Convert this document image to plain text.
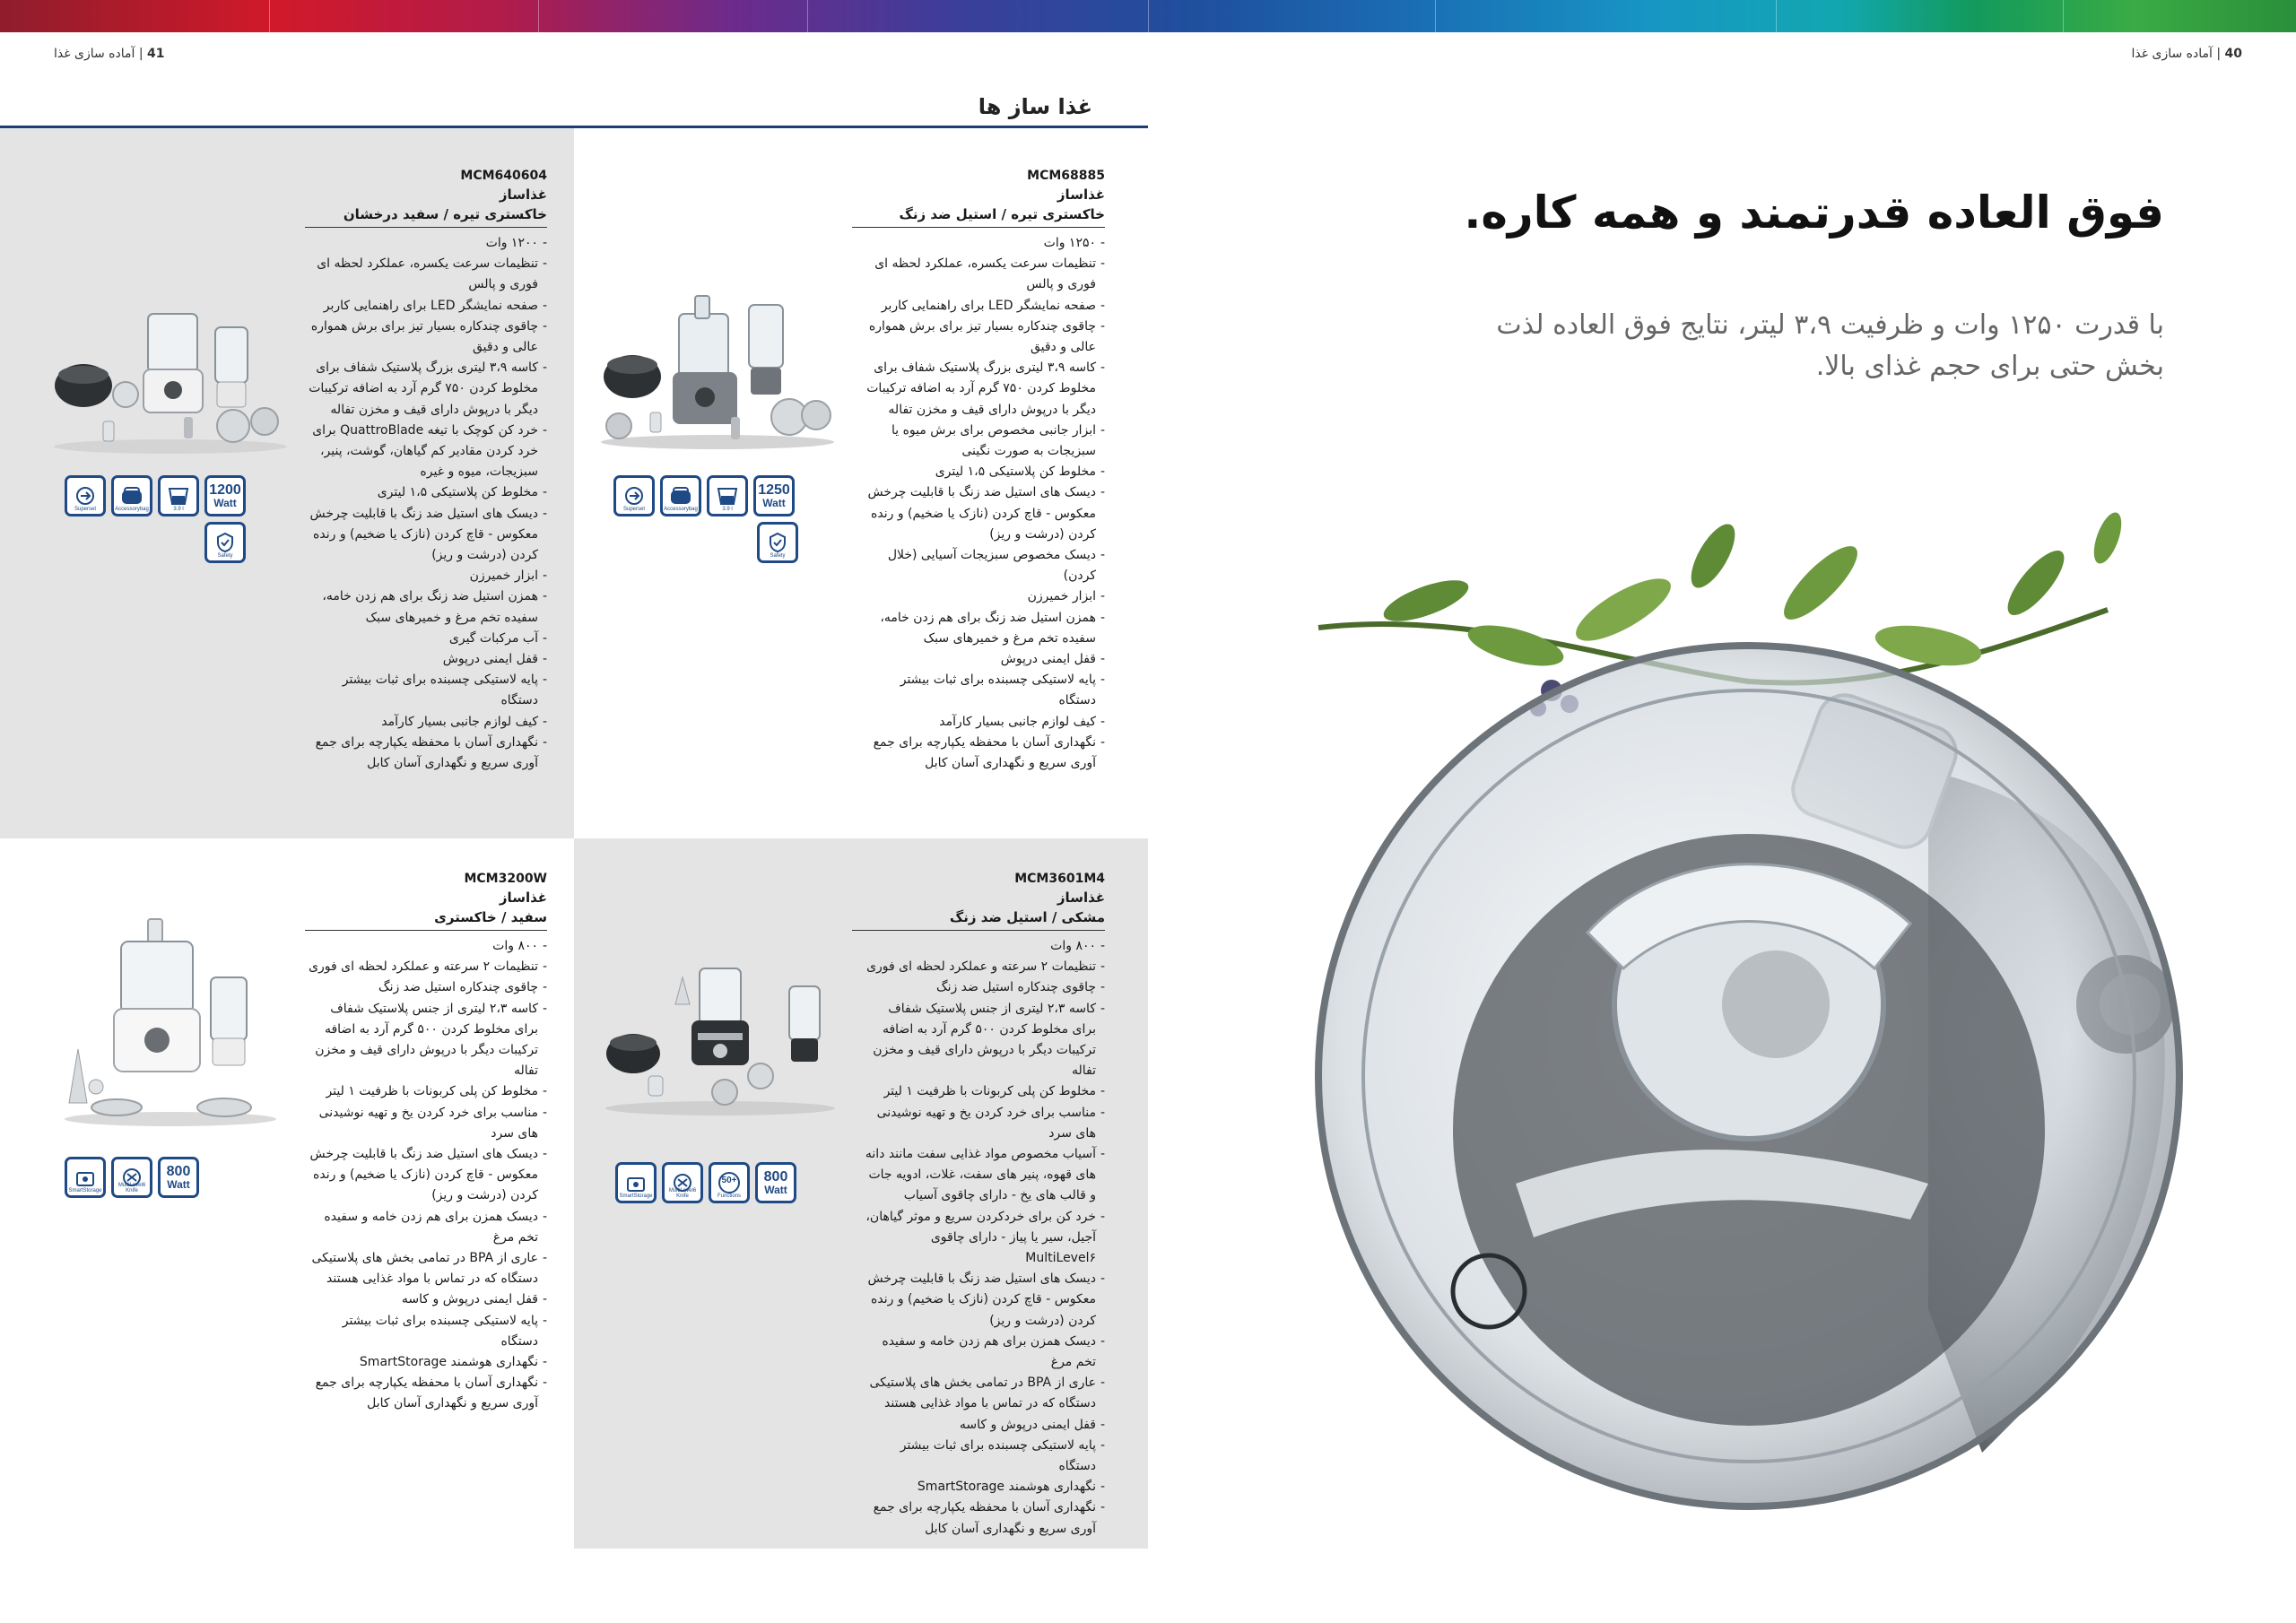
41 | آماده سازی غذا	40 | آماده سازی غذا
غذا ساز ها
MCM68885
غذاساز
خاکستری تیره / استیل ضد زنگ
- ۱۲۵۰ وات
- تنظیمات سرعت یکسره، عملکرد لحظه ای فوری و پالس
- صفحه نمایشگر LED برای راهنمایی کاربر
- چاقوی چندکاره بسیار تیز برای برش همواره عالی و دقیق
- کاسه ۳،۹ لیتری بزرگ پلاستیک شفاف برای مخلوط کردن ۷۵۰ گرم آرد به اضافه ترکیبات دیگر با درپوش دارای قیف و مخزن تفاله
- ابزار جانبی مخصوص برای برش میوه یا سبزیجات به صورت نگینی
- مخلوط کن پلاستیکی ۱،۵ لیتری
- دیسک های استیل ضد زنگ با قابلیت چرخش معکوس - قاچ کردن (نازک یا ضخیم) و رنده کردن (درشت و ریز)
- دیسک مخصوص سبزیجات آسیایی (خلال کردن)
- ابزار خمیرزن
- همزن استیل ضد زنگ برای هم زدن خامه، سفیده تخم مرغ و خمیرهای سبک
- قفل ایمنی درپوش
- پایه لاستیکی چسبنده برای ثبات بیشتر دستگاه
- کیف لوازم جانبی بسیار کارآمد
- نگهداری آسان با محفظه یکپارچه برای جمع آوری سریع و نگهداری آسان کابل
Superset	Accessorybag	3.9 l
1250
Watt
Safety
MCM640604
غذاساز
خاکستری تیره / سفید درخشان
- ۱۲۰۰ وات
- تنظیمات سرعت یکسره، عملکرد لحظه ای فوری و پالس
- صفحه نمایشگر LED برای راهنمایی کاربر
- چاقوی چندکاره بسیار تیز برای برش همواره عالی و دقیق
- کاسه ۳،۹ لیتری بزرگ پلاستیک شفاف برای مخلوط کردن ۷۵۰ گرم آرد به اضافه ترکیبات دیگر با درپوش دارای قیف و مخزن تفاله
- خرد کن کوچک با تیغه QuattroBlade برای خرد کردن مقادیر کم گیاهان، گوشت، پنیر، سبزیجات، میوه و غیره
- مخلوط کن پلاستیکی ۱،۵ لیتری
- دیسک های استیل ضد زنگ با قابلیت چرخش معکوس - قاچ کردن (نازک یا ضخیم) و رنده کردن (درشت و ریز)
- ابزار خمیرزن
- همزن استیل ضد زنگ برای هم زدن خامه، سفیده تخم مرغ و خمیرهای سبک
- آب مرکبات گیری
- قفل ایمنی درپوش
- پایه لاستیکی چسبنده برای ثبات بیشتر دستگاه
- کیف لوازم جانبی بسیار کارآمد
- نگهداری آسان با محفظه یکپارچه برای جمع آوری سریع و نگهداری آسان کابل
Superset	Accessorybag	3.9 l
1200
Watt
Safety
MCM3601M4
غذاساز
مشکی / استیل ضد زنگ
- ۸۰۰ وات
- تنظیمات ۲ سرعته و عملکرد لحظه ای فوری
- چاقوی چندکاره استیل ضد زنگ
- کاسه ۲،۳ لیتری از جنس پلاستیک شفاف برای مخلوط کردن ۵۰۰ گرم آرد به اضافه ترکیبات دیگر با درپوش دارای قیف و مخزن تفاله
- مخلوط کن پلی کربونات با ظرفیت ۱ لیتر
- مناسب برای خرد کردن یخ و تهیه نوشیدنی های سرد
- آسیاب مخصوص مواد غذایی سفت مانند دانه های قهوه، پنیر های سفت، غلات، ادویه جات و قالب های یخ - دارای چاقوی آسیاب
- خرد کن برای خردکردن سریع و موثر گیاهان، آجیل، سیر یا پیاز - دارای چاقوی MultiLevel۶
- دیسک های استیل ضد زنگ با قابلیت چرخش معکوس - قاچ کردن (نازک یا ضخیم) و رنده کردن (درشت و ریز)
- دیسک همزن برای هم زدن خامه و سفیده تخم مرغ
- عاری از BPA در تمامی بخش های پلاستیکی دستگاه که در تماس با مواد غذایی هستند
- قفل ایمنی درپوش و کاسه
- پایه لاستیکی چسبنده برای ثبات بیشتر دستگاه
- نگهداری هوشمند SmartStorage
- نگهداری آسان با محفظه یکپارچه برای جمع آوری سریع و نگهداری آسان کابل
SmartStorage
MultiLevel6 Knife
50+
Functions
800
Watt
MCM3200W
غذاساز
سفید / خاکستری
- ۸۰۰ وات
- تنظیمات ۲ سرعته و عملکرد لحظه ای فوری
- چاقوی چندکاره استیل ضد زنگ
- کاسه ۲،۳ لیتری از جنس پلاستیک شفاف برای مخلوط کردن ۵۰۰ گرم آرد به اضافه ترکیبات دیگر با درپوش دارای قیف و مخزن تفاله
- مخلوط کن پلی کربونات با ظرفیت ۱ لیتر
- مناسب برای خرد کردن یخ و تهیه نوشیدنی های سرد
- دیسک های استیل ضد زنگ با قابلیت چرخش معکوس - قاچ کردن (نازک یا ضخیم) و رنده کردن (درشت و ریز)
- دیسک همزن برای هم زدن خامه و سفیده تخم مرغ
- عاری از BPA در تمامی بخش های پلاستیکی دستگاه که در تماس با مواد غذایی هستند
- قفل ایمنی درپوش و کاسه
- پایه لاستیکی چسبنده برای ثبات بیشتر دستگاه
- نگهداری هوشمند SmartStorage
- نگهداری آسان با محفظه یکپارچه برای جمع آوری سریع و نگهداری آسان کابل
SmartStorage
MultiLevel6 Knife
800
Watt
فوق العاده قدرتمند و همه کاره.
با قدرت ۱۲۵۰ وات و ظرفیت ۳،۹ لیتر، نتایج فوق العاده لذت بخش حتی برای حجم غذای بالا.
